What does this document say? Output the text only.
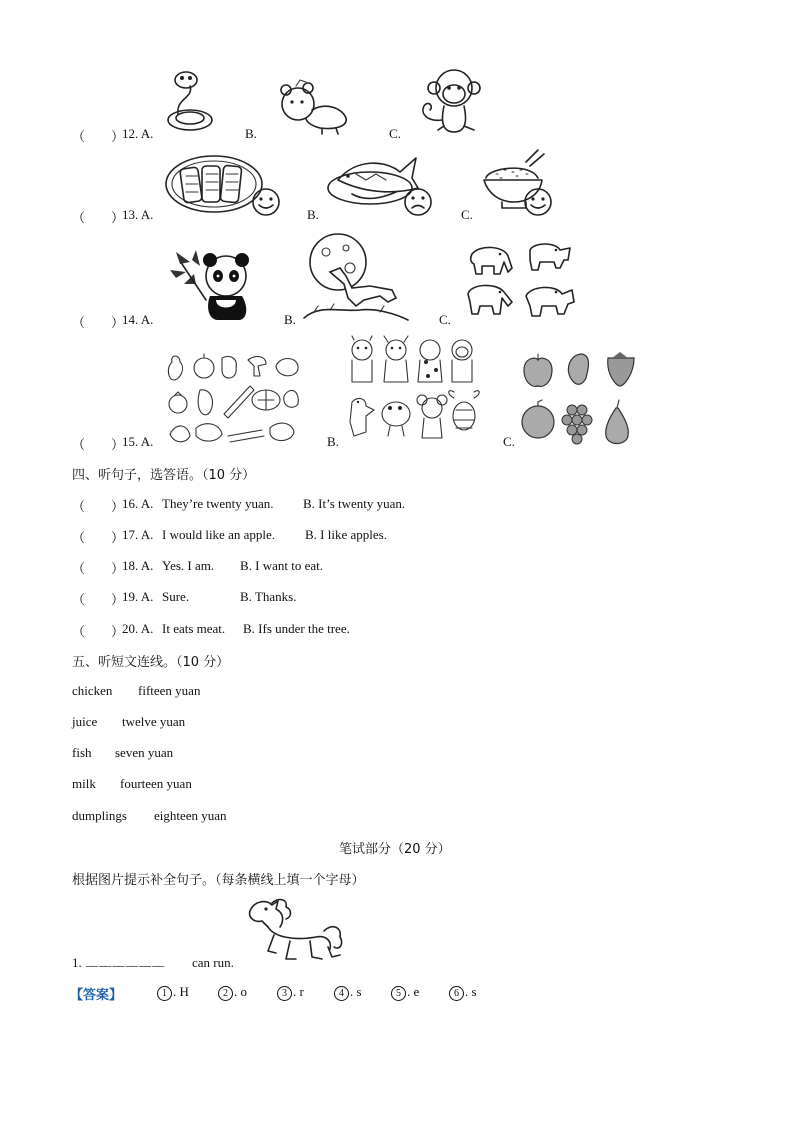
（　　）
12. A.	B.	C.
（　　）
13. A.	B.	C.
（　　）
14. A.	B.	C.
（　　）
15. A.	B.	C.
四、听句子，选答语。（10 分）
（　　）
16. A. They’re twenty yuan. B. It’s twenty yuan.
（　　）
17. A. I would like an apple. B. I like apples.
（　　）
18. A. Yes. I am. B. I want to eat.
（　　）
19. A. Sure.	B. Thanks.
（　　）
20. A. It eats meat. B. Ifs under the tree.
五、听短文连线。（10 分）
chicken fifteen yuan
juice twelve yuan
fish seven yuan
milk fourteen yuan
dumplings eighteen yuan
笔试部分（20 分）
根据图片提示补全句子。（每条横线上填一个字母）
1. __ __ __ __ __ __ can run.
【答案】	1 . H	2 . o	3 . r	4 . s	5 . e	6 . s
